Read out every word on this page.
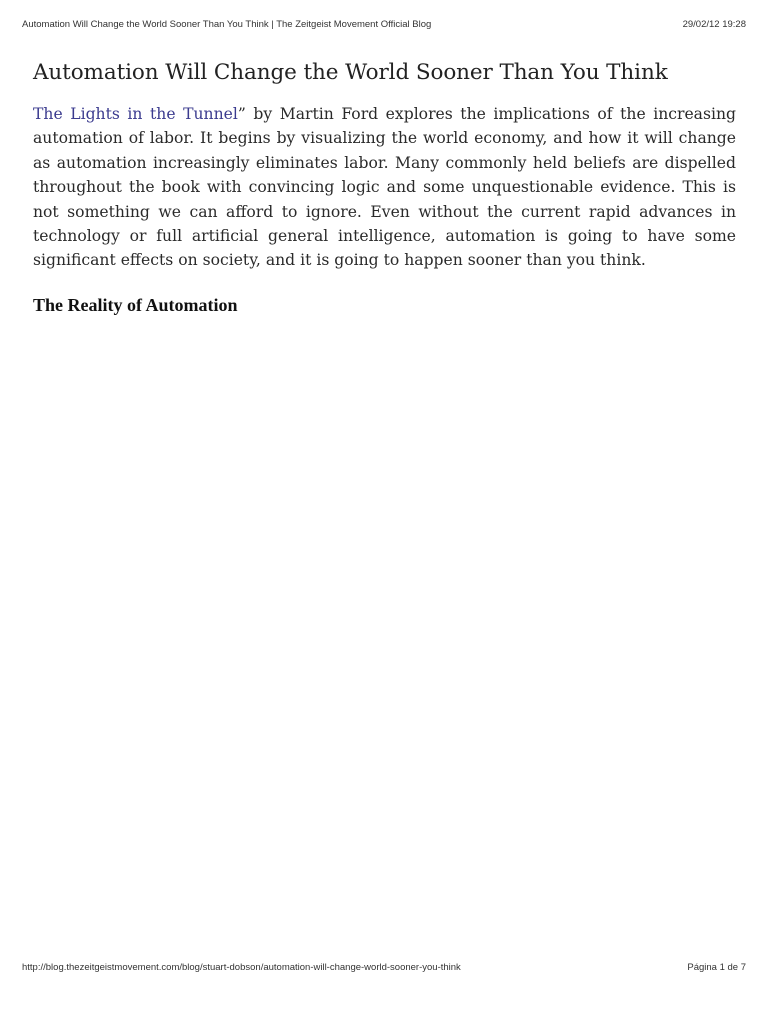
Automation Will Change the World Sooner Than You Think | The Zeitgeist Movement Official Blog	29/02/12 19:28
Automation Will Change the World Sooner Than You Think

The Lights in the Tunnel” by Martin Ford explores the implications of the increasing automation of labor. It begins by visualizing the world economy, and how it will change as automation increasingly eliminates labor. Many commonly held beliefs are dispelled throughout the book with convincing logic and some unquestionable evidence. This is not something we can afford to ignore. Even without the current rapid advances in technology or full artificial general intelligence, automation is going to have some significant effects on society, and it is going to happen sooner than you think.

The Reality of Automation
http://blog.thezeitgeistmovement.com/blog/stuart-dobson/automation-will-change-world-sooner-you-think	Página 1 de 7
